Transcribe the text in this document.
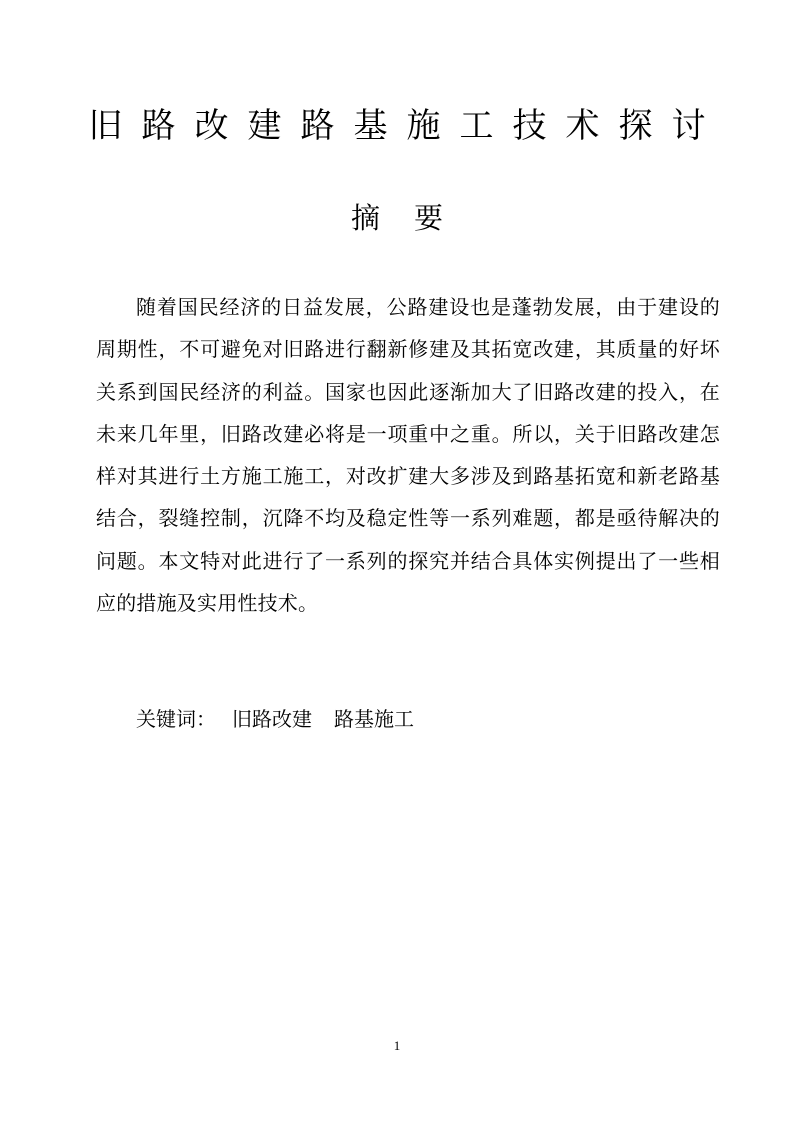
旧路改建路基施工技术探讨
摘要

随着国民经济的日益发展，公路建设也是蓬勃发展，由于建设的周期性，不可避免对旧路进行翻新修建及其拓宽改建，其质量的好坏关系到国民经济的利益。国家也因此逐渐加大了旧路改建的投入，在未来几年里，旧路改建必将是一项重中之重。所以，关于旧路改建怎样对其进行土方施工施工，对改扩建大多涉及到路基拓宽和新老路基结合，裂缝控制，沉降不均及稳定性等一系列难题，都是亟待解决的问题。本文特对此进行了一系列的探究并结合具体实例提出了一些相应的措施及实用性技术。

关键词： 旧路改建 路基施工
1
